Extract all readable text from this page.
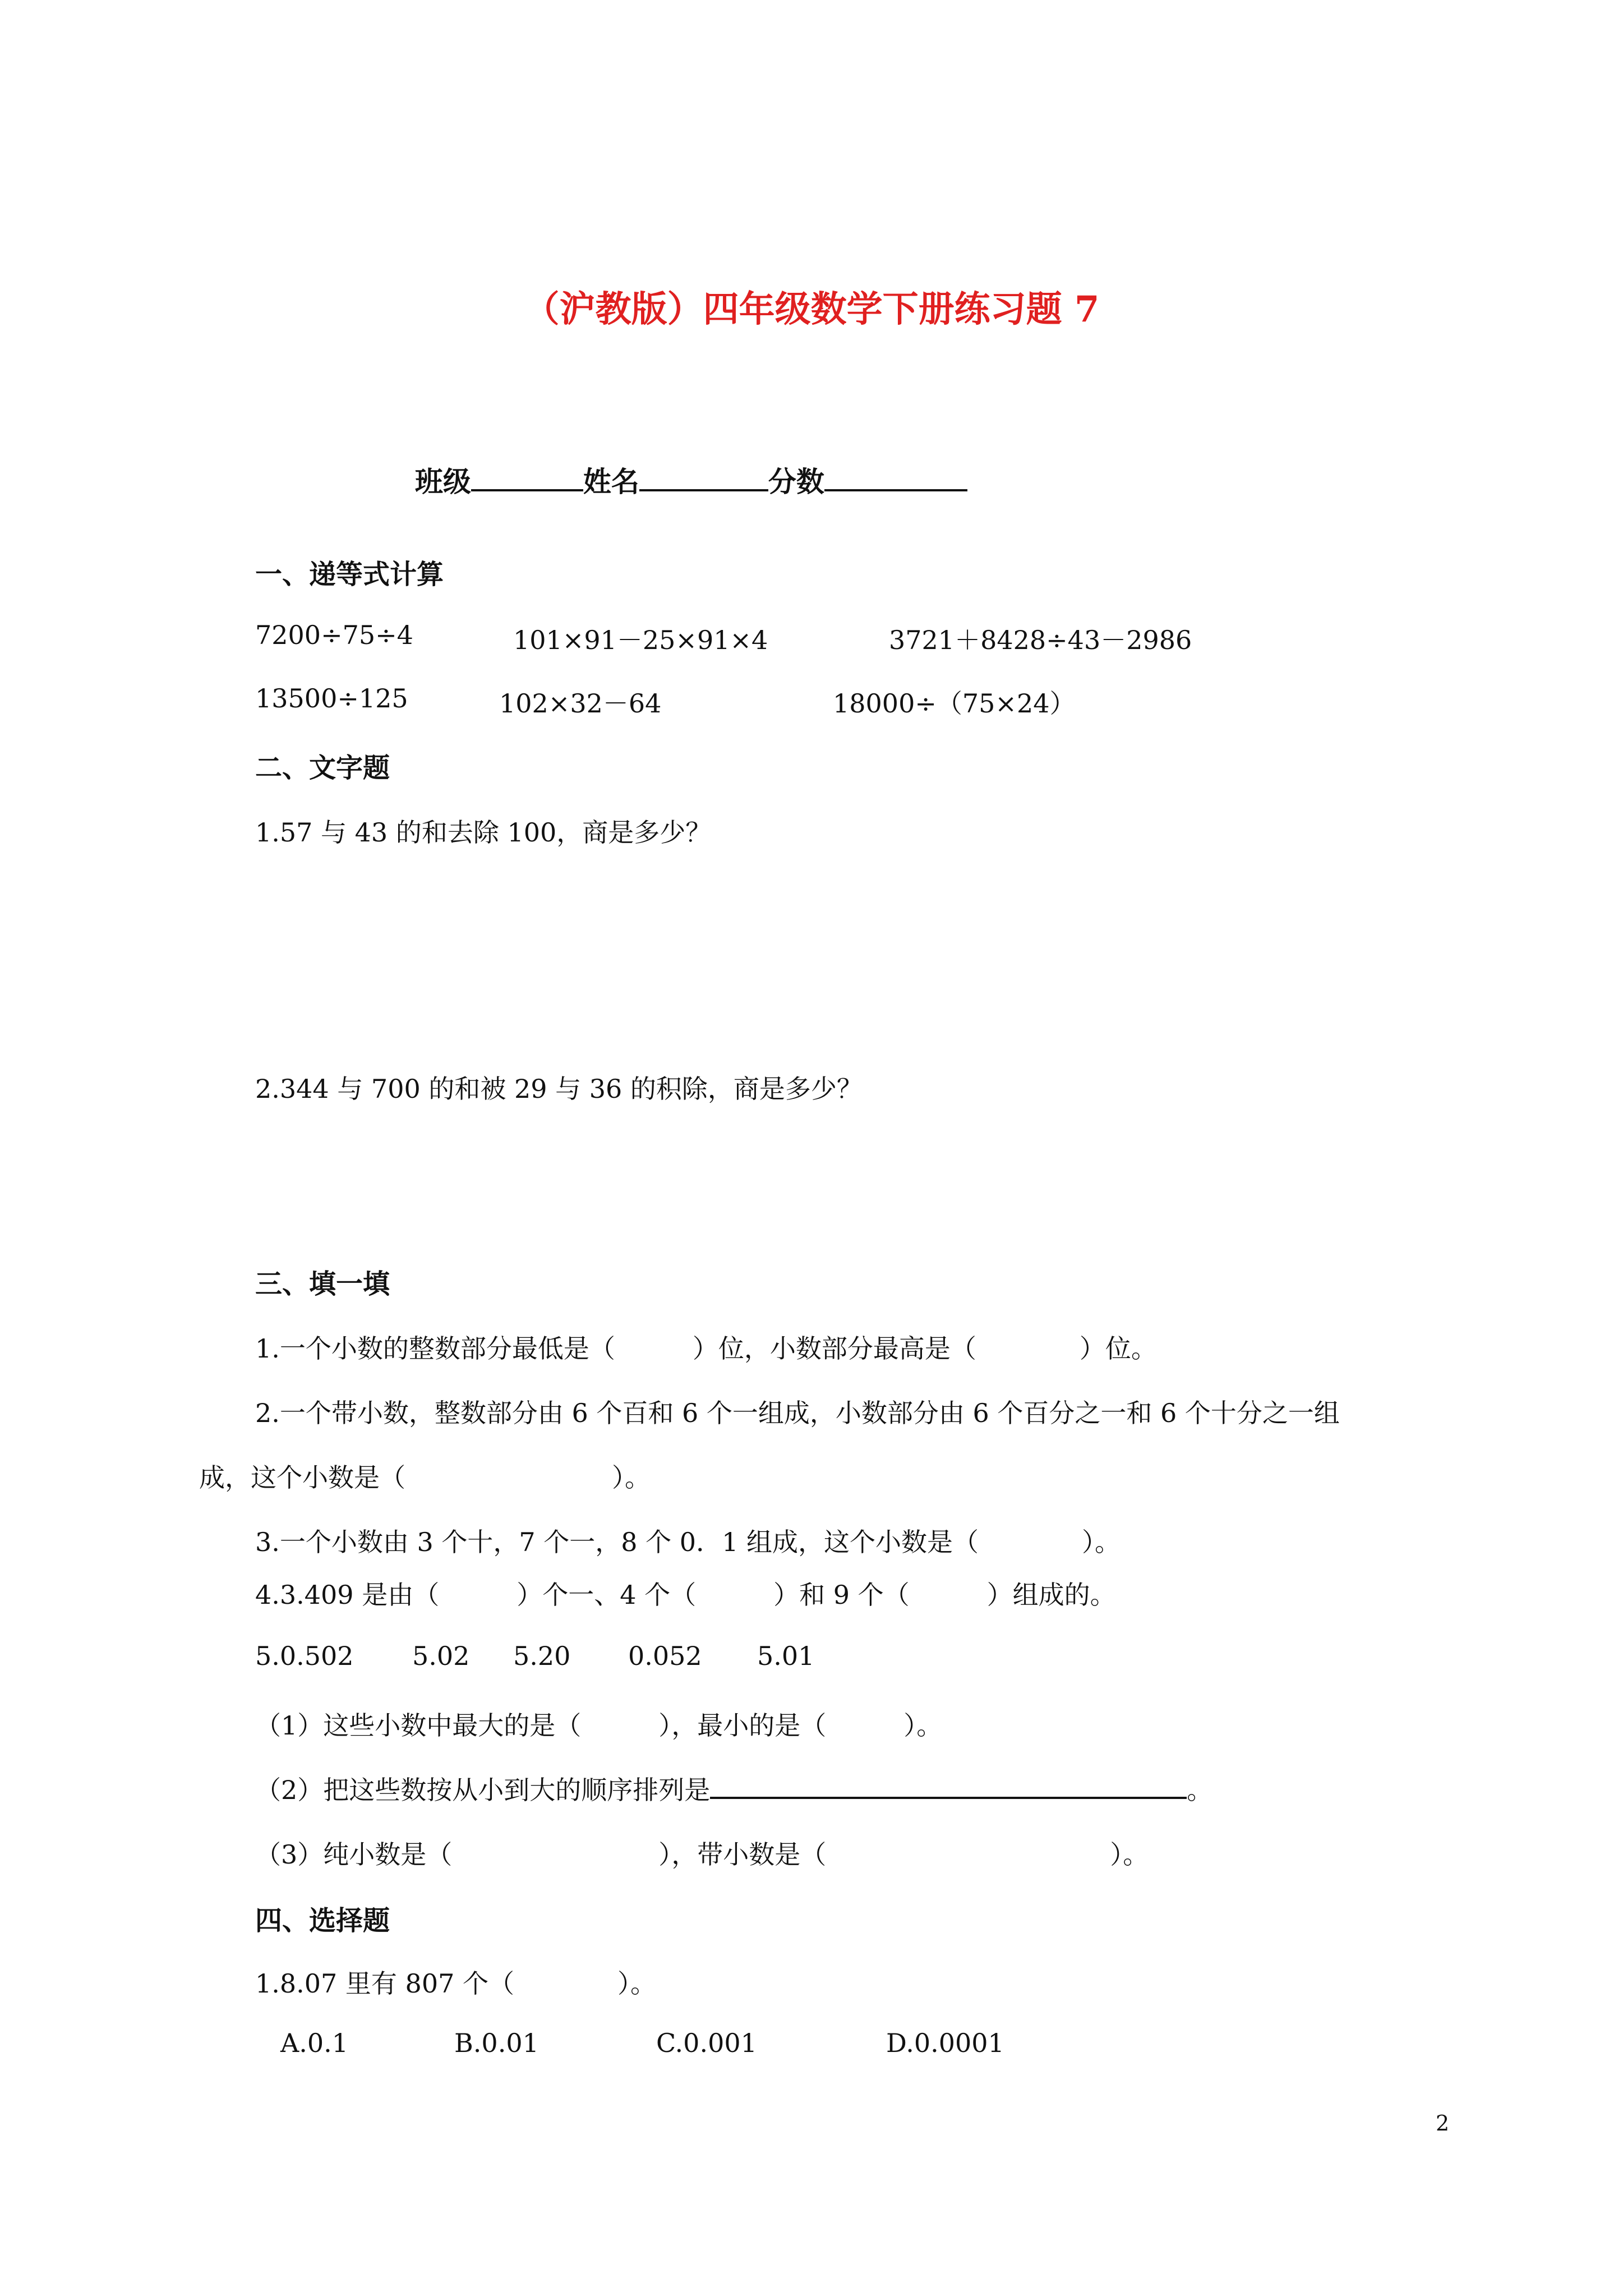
（沪教版）四年级数学下册练习题 7

班级	姓名	分数

一、递等式计算
7200÷75÷4	101×91－25×91×4	3721＋8428÷43－2986
13500÷125	102×32－64	18000÷（75×24）
二、文字题
1.57 与 43 的和去除 100，商是多少？
2.344 与 700 的和被 29 与 36 的积除，商是多少？
三、填一填
1.一个小数的整数部分最低是（　　　）位，小数部分最高是（　　　　）位。
2.一个带小数，整数部分由 6 个百和 6 个一组成，小数部分由 6 个百分之一和 6 个十分之一组
成，这个小数是（　　　　　　　　）。
3.一个小数由 3 个十，7 个一，8 个 0．1 组成，这个小数是（　　　　）。
4.3.409 是由（　　　）个一、4 个（　　　）和 9 个（　　　）组成的。
5.0.502 5.02 5.20 0.052 5.01
（1）这些小数中最大的是（　　　），最小的是（　　　）。
（2）把这些数按从小到大的顺序排列是	。
（3）纯小数是（　　　　　　　　），带小数是（　　　　　　　　　　　）。
四、选择题
1.8.07 里有 807 个（　　　　）。
A.0.1	B.0.01	C.0.001	D.0.0001
2
